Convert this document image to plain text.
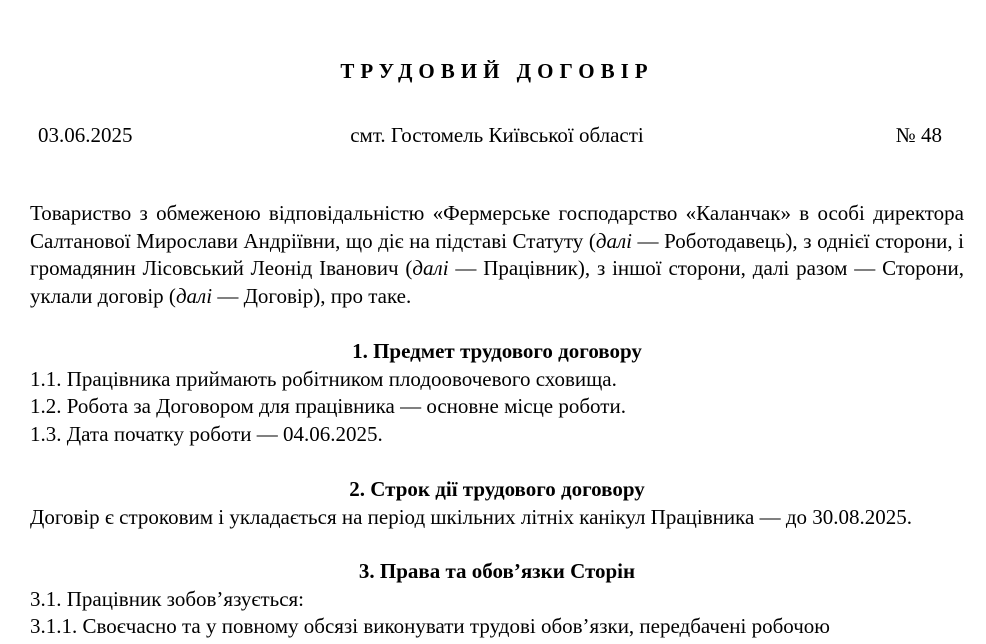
ТРУДОВИЙ ДОГОВІР
03.06.2025	смт. Гостомель Київської області	№ 48

Товариство з обмеженою відповідальністю «Фермерське господарство «Каланчак» в особі директора Салтанової Мирослави Андріївни, що діє на підставі Статуту (далі — Роботодавець), з однієї сторони, і громадянин Лісовський Леонід Іванович (далі — Працівник), з іншої сторони, далі разом — Сторони, уклали договір (далі — Договір), про таке.

1. Предмет трудового договору

1.1. Працівника приймають робітником плодоовочевого сховища.

1.2. Робота за Договором для працівника — основне місце роботи.

1.3. Дата початку роботи — 04.06.2025.

2. Строк дії трудового договору

Договір є строковим і укладається на період шкільних літніх канікул Працівника — до 30.08.2025.

3. Права та обов’язки Сторін

3.1. Працівник зобов’язується:

3.1.1. Своєчасно та у повному обсязі виконувати трудові обов’язки, передбачені робочою
